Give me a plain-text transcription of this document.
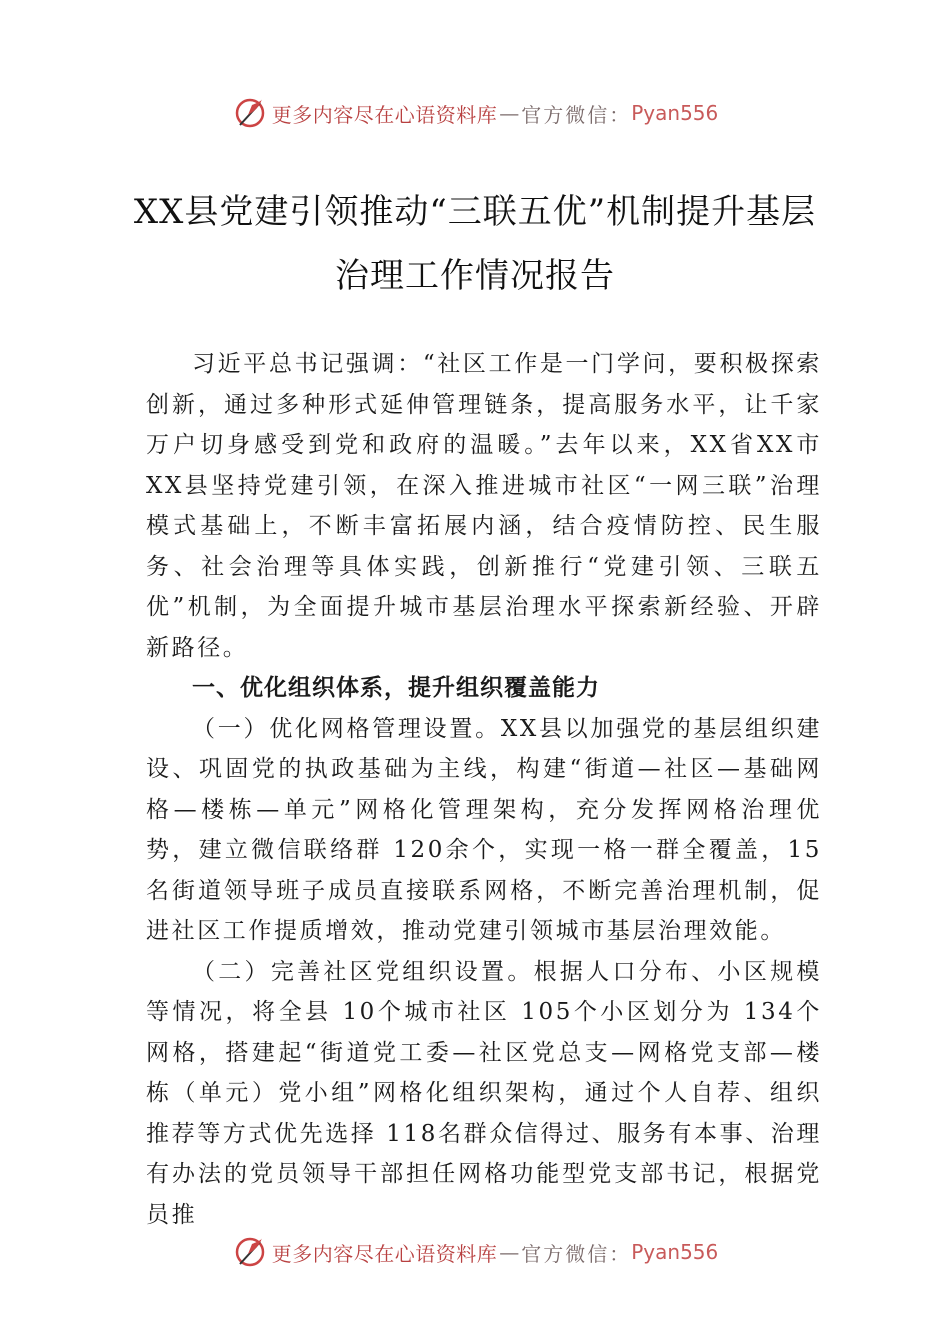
更多内容尽在心语资料库 — 官方微信： Pyan556
XX县党建引领推动“三联五优”机制提升基层治理工作情况报告

习近平总书记强调：“社区工作是一门学问，要积极探索创新，通过多种形式延伸管理链条，提高服务水平，让千家万户切身感受到党和政府的温暖。”去年以来，XX省XX市XX县坚持党建引领，在深入推进城市社区“一网三联”治理模式基础上，不断丰富拓展内涵，结合疫情防控、民生服务、社会治理等具体实践，创新推行“党建引领、三联五优”机制，为全面提升城市基层治理水平探索新经验、开辟新路径。

一、优化组织体系，提升组织覆盖能力

（一）优化网格管理设置。XX县以加强党的基层组织建设、巩固党的执政基础为主线，构建“街道—社区—基础网格—楼栋—单元”网格化管理架构，充分发挥网格治理优势，建立微信联络群 120余个，实现一格一群全覆盖，15名街道领导班子成员直接联系网格，不断完善治理机制，促进社区工作提质增效，推动党建引领城市基层治理效能。

（二）完善社区党组织设置。根据人口分布、小区规模等情况，将全县 10个城市社区 105个小区划分为 134个网格，搭建起“街道党工委—社区党总支—网格党支部—楼栋（单元）党小组”网格化组织架构，通过个人自荐、组织推荐等方式优先选择 118名群众信得过、服务有本事、治理有办法的党员领导干部担任网格功能型党支部书记，根据党员推

更多内容尽在心语资料库 — 官方微信： Pyan556
